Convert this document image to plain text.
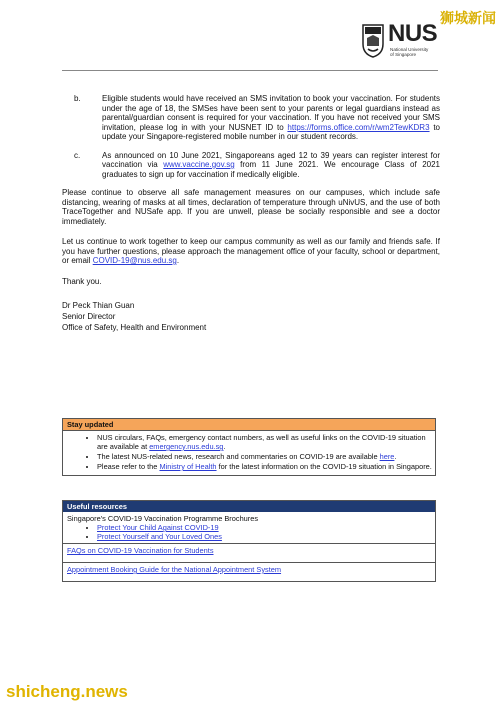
NUS
National University
of Singapore
狮城新闻
b.	Eligible students would have received an SMS invitation to book your vaccination. For students under the age of 18, the SMSes have been sent to your parents or legal guardians instead as parental/guardian consent is required for your vaccination. If you have not received your SMS invitation, please log in with your NUSNET ID to https://forms.office.com/r/wm2TewKDR3 to update your Singapore-registered mobile number in our student records.
c.	As announced on 10 June 2021, Singaporeans aged 12 to 39 years can register interest for vaccination via www.vaccine.gov.sg from 11 June 2021. We encourage Class of 2021 graduates to sign up for vaccination if medically eligible.

Please continue to observe all safe management measures on our campuses, which include safe distancing, wearing of masks at all times, declaration of temperature through uNivUS, and the use of both TraceTogether and NUSafe app. If you are unwell, please be socially responsible and see a doctor immediately.

Let us continue to work together to keep our campus community as well as our family and friends safe. If you have further questions, please approach the management office of your faculty, school or department, or email COVID-19@nus.edu.sg.

Thank you.

Dr Peck Thian Guan
Senior Director
Office of Safety, Health and Environment
Stay updated
• NUS circulars, FAQs, emergency contact numbers, as well as useful links on the COVID-19 situation are available at emergency.nus.edu.sg.
• The latest NUS-related news, research and commentaries on COVID-19 are available here.
• Please refer to the Ministry of Health for the latest information on the COVID-19 situation in Singapore.
Useful resources
Singapore's COVID-19 Vaccination Programme Brochures
• Protect Your Child Against COVID-19
• Protect Yourself and Your Loved Ones
FAQs on COVID-19 Vaccination for Students
Appointment Booking Guide for the National Appointment System
shicheng.news
